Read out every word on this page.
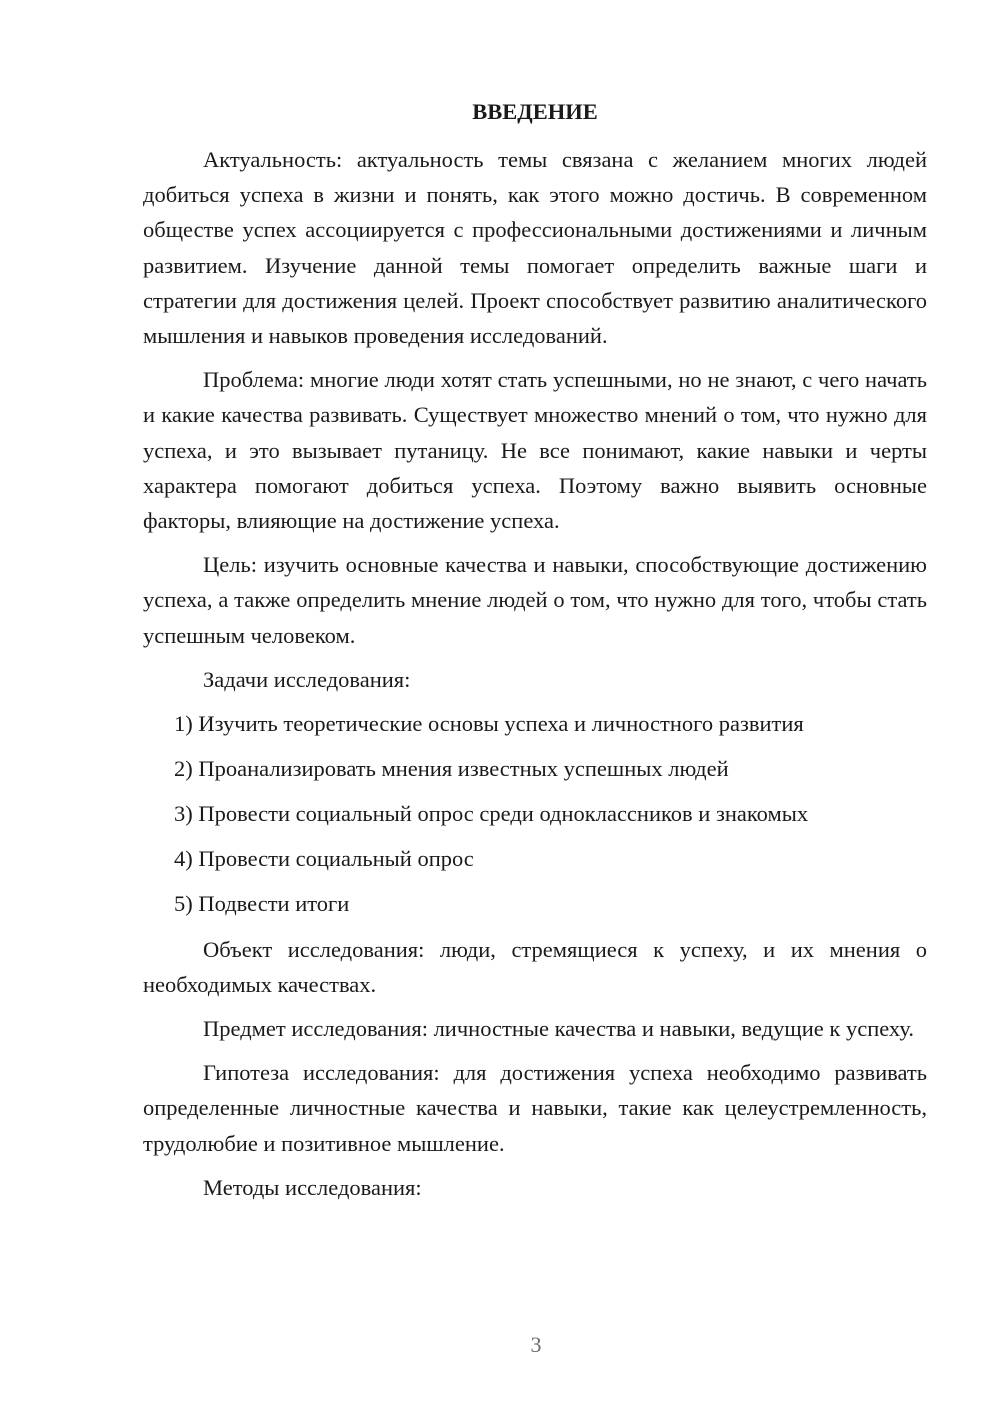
ВВЕДЕНИЕ

Актуальность: актуальность темы связана с желанием многих людей добиться успеха в жизни и понять, как этого можно достичь. В современном обществе успех ассоциируется с профессиональными достижениями и личным развитием. Изучение данной темы помогает определить важные шаги и стратегии для достижения целей. Проект способствует развитию аналитического мышления и навыков проведения исследований.

Проблема: многие люди хотят стать успешными, но не знают, с чего начать и какие качества развивать. Существует множество мнений о том, что нужно для успеха, и это вызывает путаницу. Не все понимают, какие навыки и черты характера помогают добиться успеха. Поэтому важно выявить основные факторы, влияющие на достижение успеха.

Цель: изучить основные качества и навыки, способствующие достижению успеха, а также определить мнение людей о том, что нужно для того, чтобы стать успешным человеком.

Задачи исследования:

1) Изучить теоретические основы успеха и личностного развития
2) Проанализировать мнения известных успешных людей
3) Провести социальный опрос среди одноклассников и знакомых
4) Провести социальный опрос
5) Подвести итоги

Объект исследования: люди, стремящиеся к успеху, и их мнения о необходимых качествах.

Предмет исследования: личностные качества и навыки, ведущие к успеху.

Гипотеза исследования: для достижения успеха необходимо развивать определенные личностные качества и навыки, такие как целеустремленность, трудолюбие и позитивное мышление.

Методы исследования:

3
